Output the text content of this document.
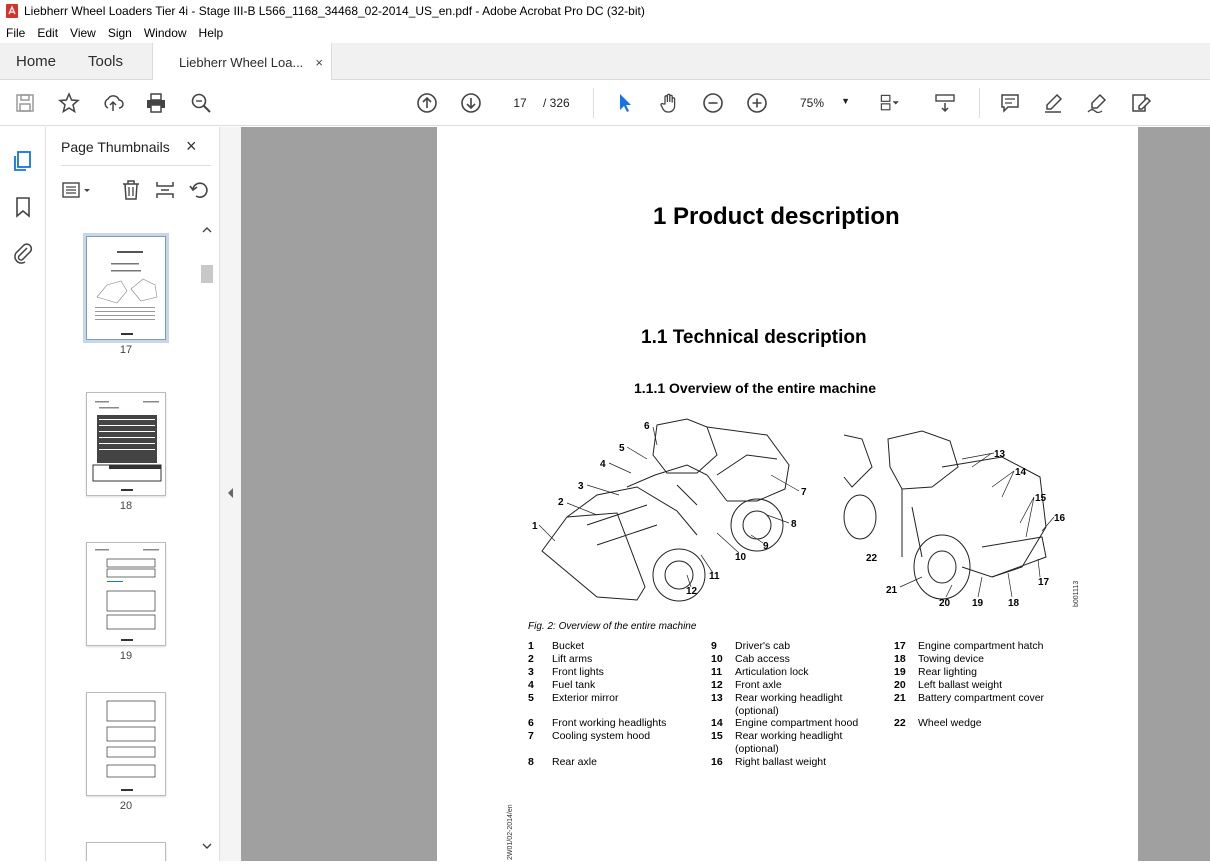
Liebherr Wheel Loaders Tier 4i - Stage III-B L566_1168_34468_02-2014_US_en.pdf - Adobe Acrobat Pro DC (32-bit)
File	Edit	View	Sign	Window	Help
Home Tools	Liebherr Wheel Loa... ×
17	/ 326	75% ▼
Page Thumbnails ×
17
18
19
20
1 Product description
1.1 Technical description
1.1.1 Overview of the entire machine
1
2
3
4
5
6
7
8
9
10
11
12
13
14
15
16
17
18
19
20
21
22
b001113
Fig. 2: Overview of the entire machine
1	Bucket
2	Lift arms
3	Front lights
4	Fuel tank
5	Exterior mirror
6	Front working headlights
7	Cooling system hood
8	Rear axle
9	Driver's cab
10	Cab access
11	Articulation lock
12	Front axle
13	Rear working headlight
(optional)
14	Engine compartment hood
15	Rear working headlight
(optional)
16	Right ballast weight
17	Engine compartment hatch
18	Towing device
19	Rear lighting
20	Left ballast weight
21	Battery compartment cover
22	Wheel wedge
2W01/02-2014/en
